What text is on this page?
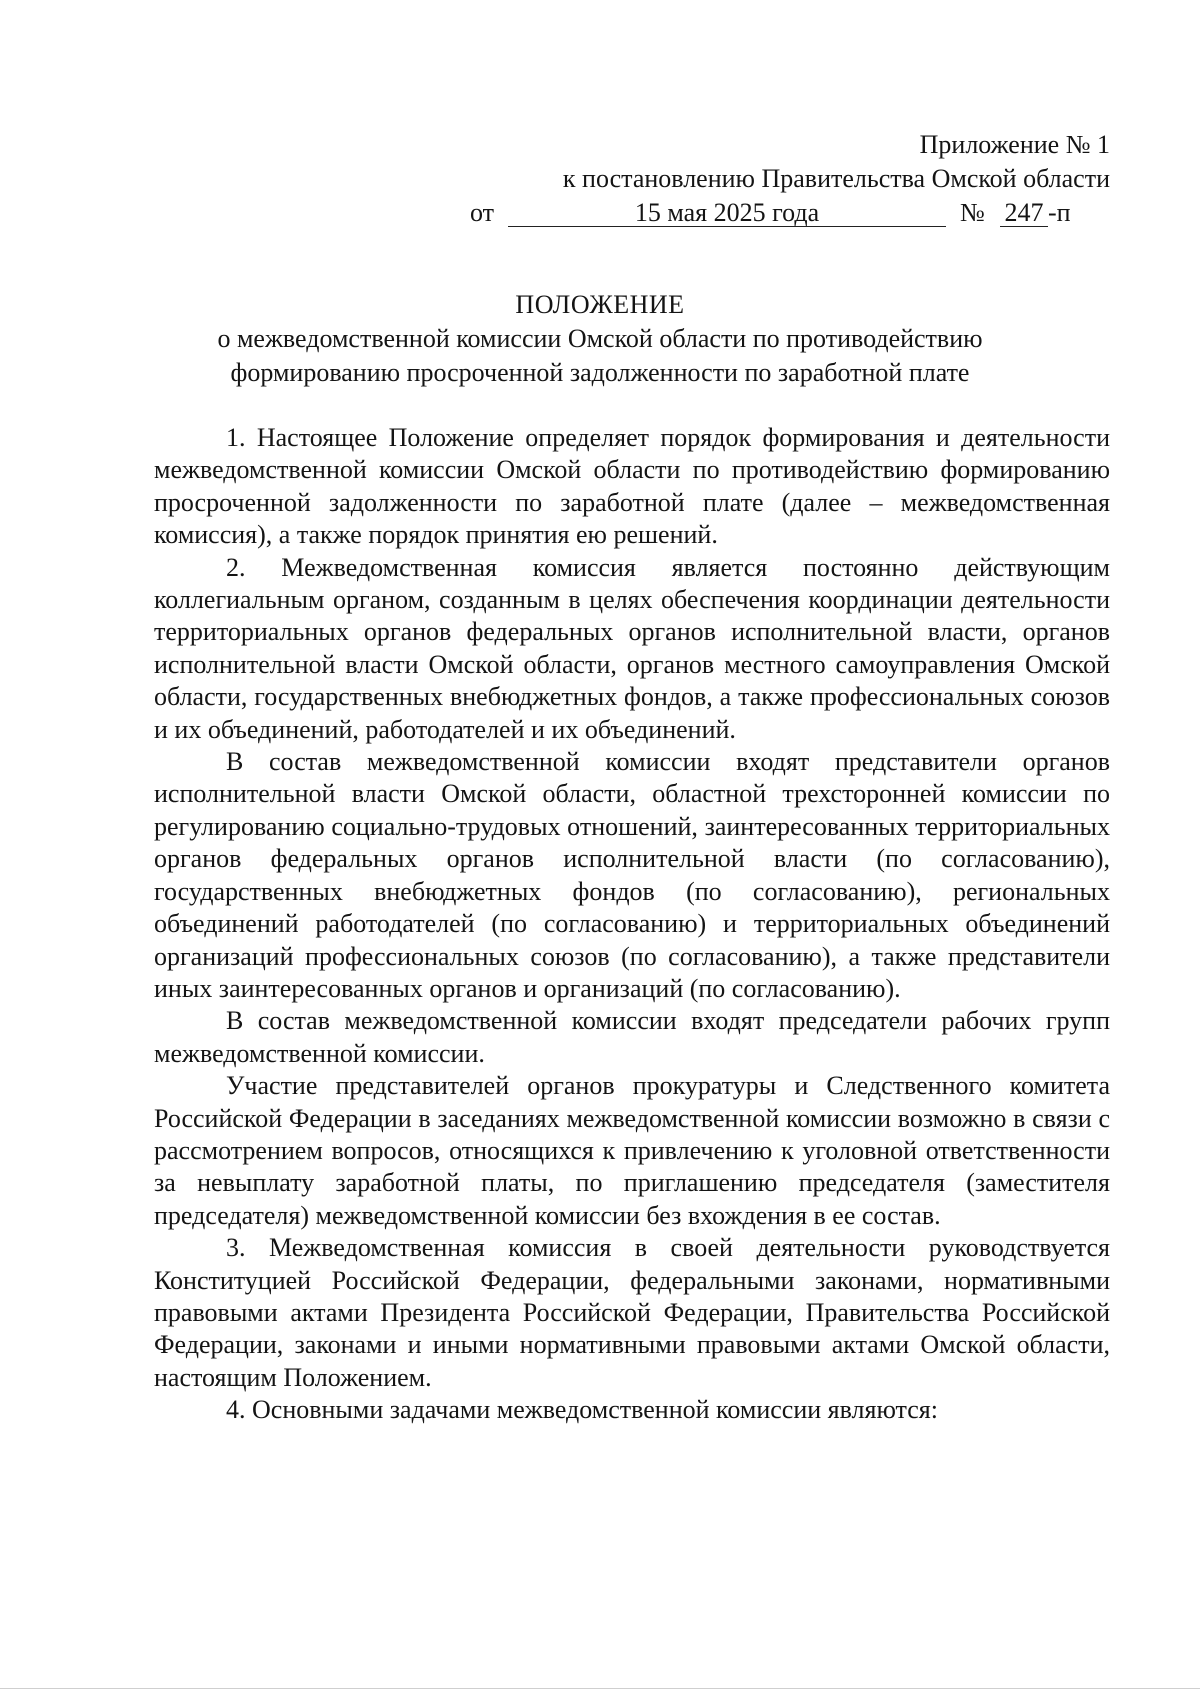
Приложение № 1
к постановлению Правительства Омской области
от	15 мая 2025 года	№ 247 -п
ПОЛОЖЕНИЕ
о межведомственной комиссии Омской области по противодействию
формированию просроченной задолженности по заработной плате

1. Настоящее Положение определяет порядок формирования и деятельности межведомственной комиссии Омской области по противодействию формированию просроченной задолженности по заработной плате (далее – межведомственная комиссия), а также порядок принятия ею решений.

2. Межведомственная комиссия является постоянно действующим коллегиальным органом, созданным в целях обеспечения координации деятельности территориальных органов федеральных органов исполнительной власти, органов исполнительной власти Омской области, органов местного самоуправления Омской области, государственных внебюджетных фондов, а также профессиональных союзов и их объединений, работодателей и их объединений.

В состав межведомственной комиссии входят представители органов исполнительной власти Омской области, областной трехсторонней комиссии по регулированию социально-трудовых отношений, заинтересованных территориальных органов федеральных органов исполнительной власти (по согласованию), государственных внебюджетных фондов (по согласованию), региональных объединений работодателей (по согласованию) и территориальных объединений организаций профессиональных союзов (по согласованию), а также представители иных заинтересованных органов и организаций (по согласованию).

В состав межведомственной комиссии входят председатели рабочих групп межведомственной комиссии.

Участие представителей органов прокуратуры и Следственного комитета Российской Федерации в заседаниях межведомственной комиссии возможно в связи с рассмотрением вопросов, относящихся к привлечению к уголовной ответственности за невыплату заработной платы, по приглашению председателя (заместителя председателя) межведомственной комиссии без вхождения в ее состав.

3. Межведомственная комиссия в своей деятельности руководствуется Конституцией Российской Федерации, федеральными законами, нормативными правовыми актами Президента Российской Федерации, Правительства Российской Федерации, законами и иными нормативными правовыми актами Омской области, настоящим Положением.

4. Основными задачами межведомственной комиссии являются:
